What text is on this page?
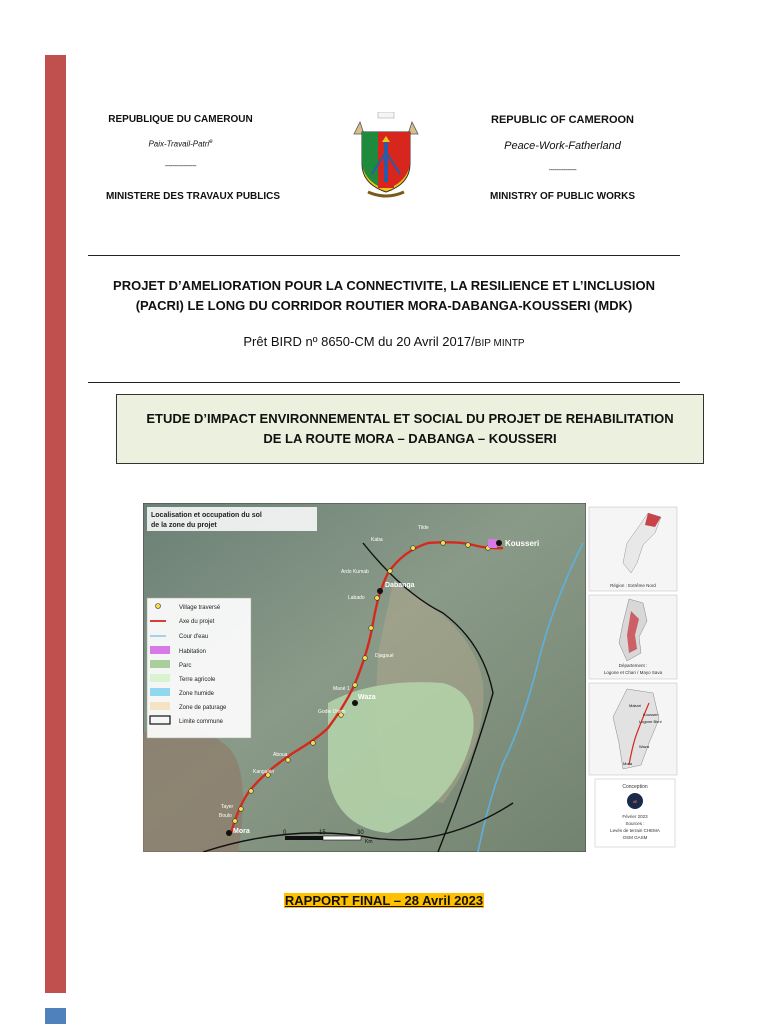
REPUBLIQUE DU CAMEROUN
Paix-Travail-Patri$^e$
-----------------
MINISTERE DES TRAVAUX PUBLICS
REPUBLIC OF CAMEROON
Peace-Work-Fatherland
---------------
MINISTRY OF PUBLIC WORKS
PROJET D’AMELIORATION POUR LA CONNECTIVITE, LA RESILIENCE ET L’INCLUSION
(PACRI) LE LONG DU CORRIDOR ROUTIER MORA-DABANGA-KOUSSERI (MDK)
Prêt BIRD nº 8650-CM du 20 Avril 2017/BIP MINTP
ETUDE D’IMPACT ENVIRONNEMENTAL ET SOCIAL DU PROJET DE REHABILITATION
DE LA ROUTE MORA – DABANGA – KOUSSERI
Kousseri
Dabanga
Waza
Mora
Ardo Kumab
Kaba
Tilde
Labado
Djagaué
Maoé 1
Godie Dhimi
Aboua
Kangaléri
Tayer
Boulo
Localisation et occupation du sol
de la zone du projet
Village traversé
Axe du projet
Cour d'eau
Habitation
Parc
Terre agricole
Zone humide
Zone de paturage
Limite commune
0	15	30
Km
Région : Extrême Nord
Département :
Logone et Chari / Mayo Sava
Makari
Kousseri
Logone Birni
Waza
Mora
Conception
///
Février 2023
Sources :
Levés de terrain CHEMA
OSM GASM
RAPPORT FINAL – 28 Avril 2023
